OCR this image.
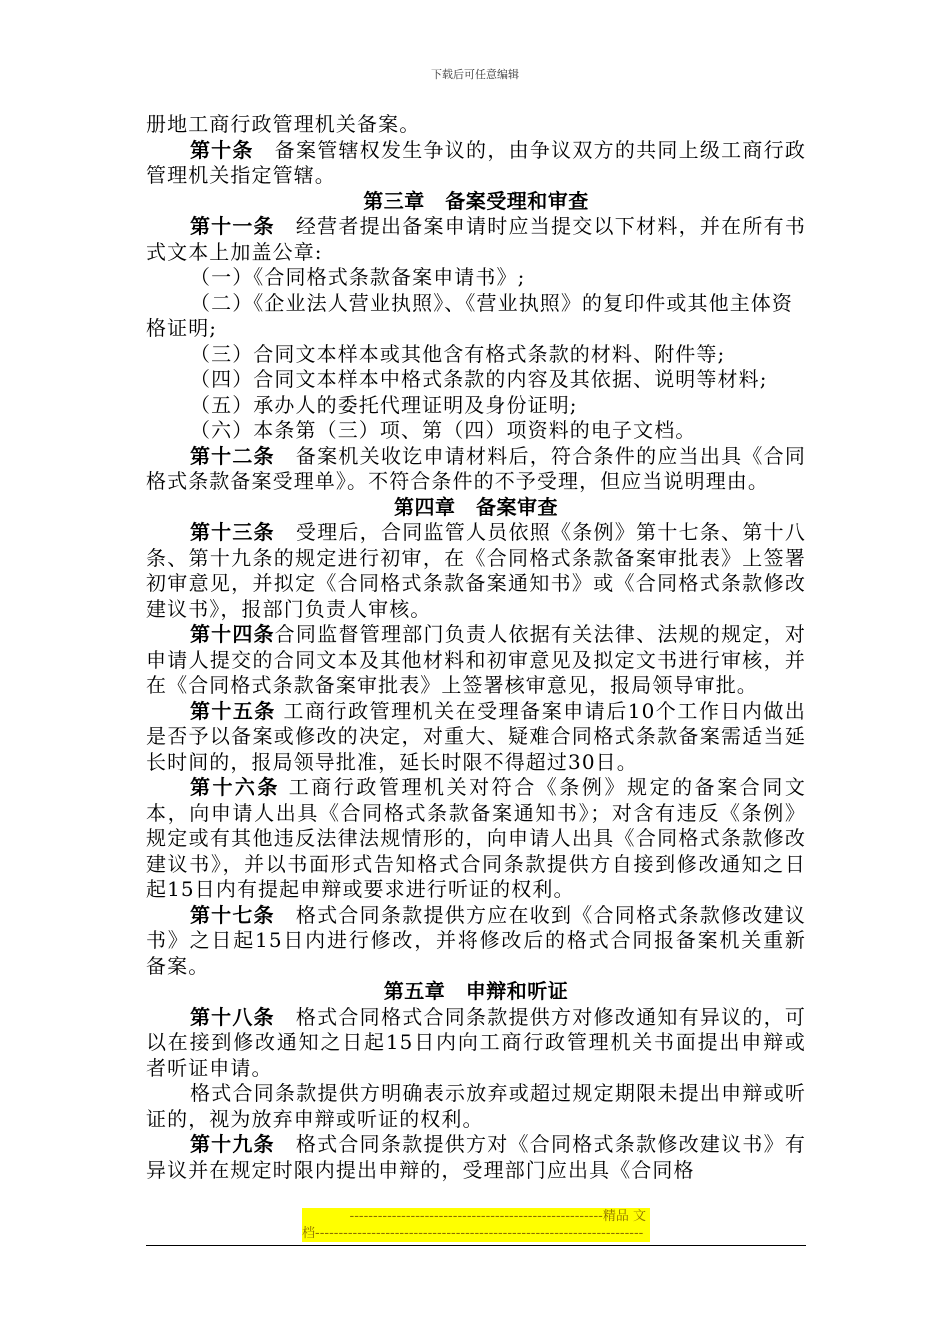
下载后可任意编辑

册地工商行政管理机关备案。

第十条　 备案管辖权发生争议的，由争议双方的共同上级工商行政管理机关指定管辖。

第三章　备案受理和审查

第十一条　 经营者提出备案申请时应当提交以下材料，并在所有书式文本上加盖公章:

（一）《合同格式条款备案申请书》;

（二）《企业法人营业执照》、《营业执照》的复印件或其他主体资格证明;

（三）合同文本样本或其他含有格式条款的材料、附件等;

（四）合同文本样本中格式条款的内容及其依据、说明等材料;

（五）承办人的委托代理证明及身份证明;

（六）本条第（三）项、第（四）项资料的电子文档。

第十二条　 备案机关收讫申请材料后，符合条件的应当出具《合同格式条款备案受理单》。不符合条件的不予受理，但应当说明理由。

第四章　备案审查

第十三条　 受理后，合同监管人员依照《条例》第十七条、第十八条、第十九条的规定进行初审，在《合同格式条款备案审批表》上签署初审意见，并拟定《合同格式条款备案通知书》或《合同格式条款修改建议书》，报部门负责人审核。

第十四条合同监督管理部门负责人依据有关法律、法规的规定，对申请人提交的合同文本及其他材料和初审意见及拟定文书进行审核，并在《合同格式条款备案审批表》上签署核审意见，报局领导审批。

第十五条 工商行政管理机关在受理备案申请后10个工作日内做出是否予以备案或修改的决定，对重大、疑难合同格式条款备案需适当延长时间的，报局领导批准，延长时限不得超过30日。

第十六条 工商行政管理机关对符合《条例》规定的备案合同文本，向申请人出具《合同格式条款备案通知书》；对含有违反《条例》规定或有其他违反法律法规情形的，向申请人出具《合同格式条款修改建议书》，并以书面形式告知格式合同条款提供方自接到修改通知之日起15日内有提起申辩或要求进行听证的权利。

第十七条　 格式合同条款提供方应在收到《合同格式条款修改建议书》之日起15日内进行修改，并将修改后的格式合同报备案机关重新备案。

第五章　申辩和听证

第十八条　 格式合同格式合同条款提供方对修改通知有异议的，可以在接到修改通知之日起15日内向工商行政管理机关书面提出申辩或者听证申请。

格式合同条款提供方明确表示放弃或超过规定期限未提出申辩或听证的，视为放弃申辩或听证的权利。

第十九条　 格式合同条款提供方对《合同格式条款修改建议书》有异议并在规定时限内提出申辩的，受理部门应出具《合同格

------------------------------------------------------精品 文
档----------------------------------------------------------------------
